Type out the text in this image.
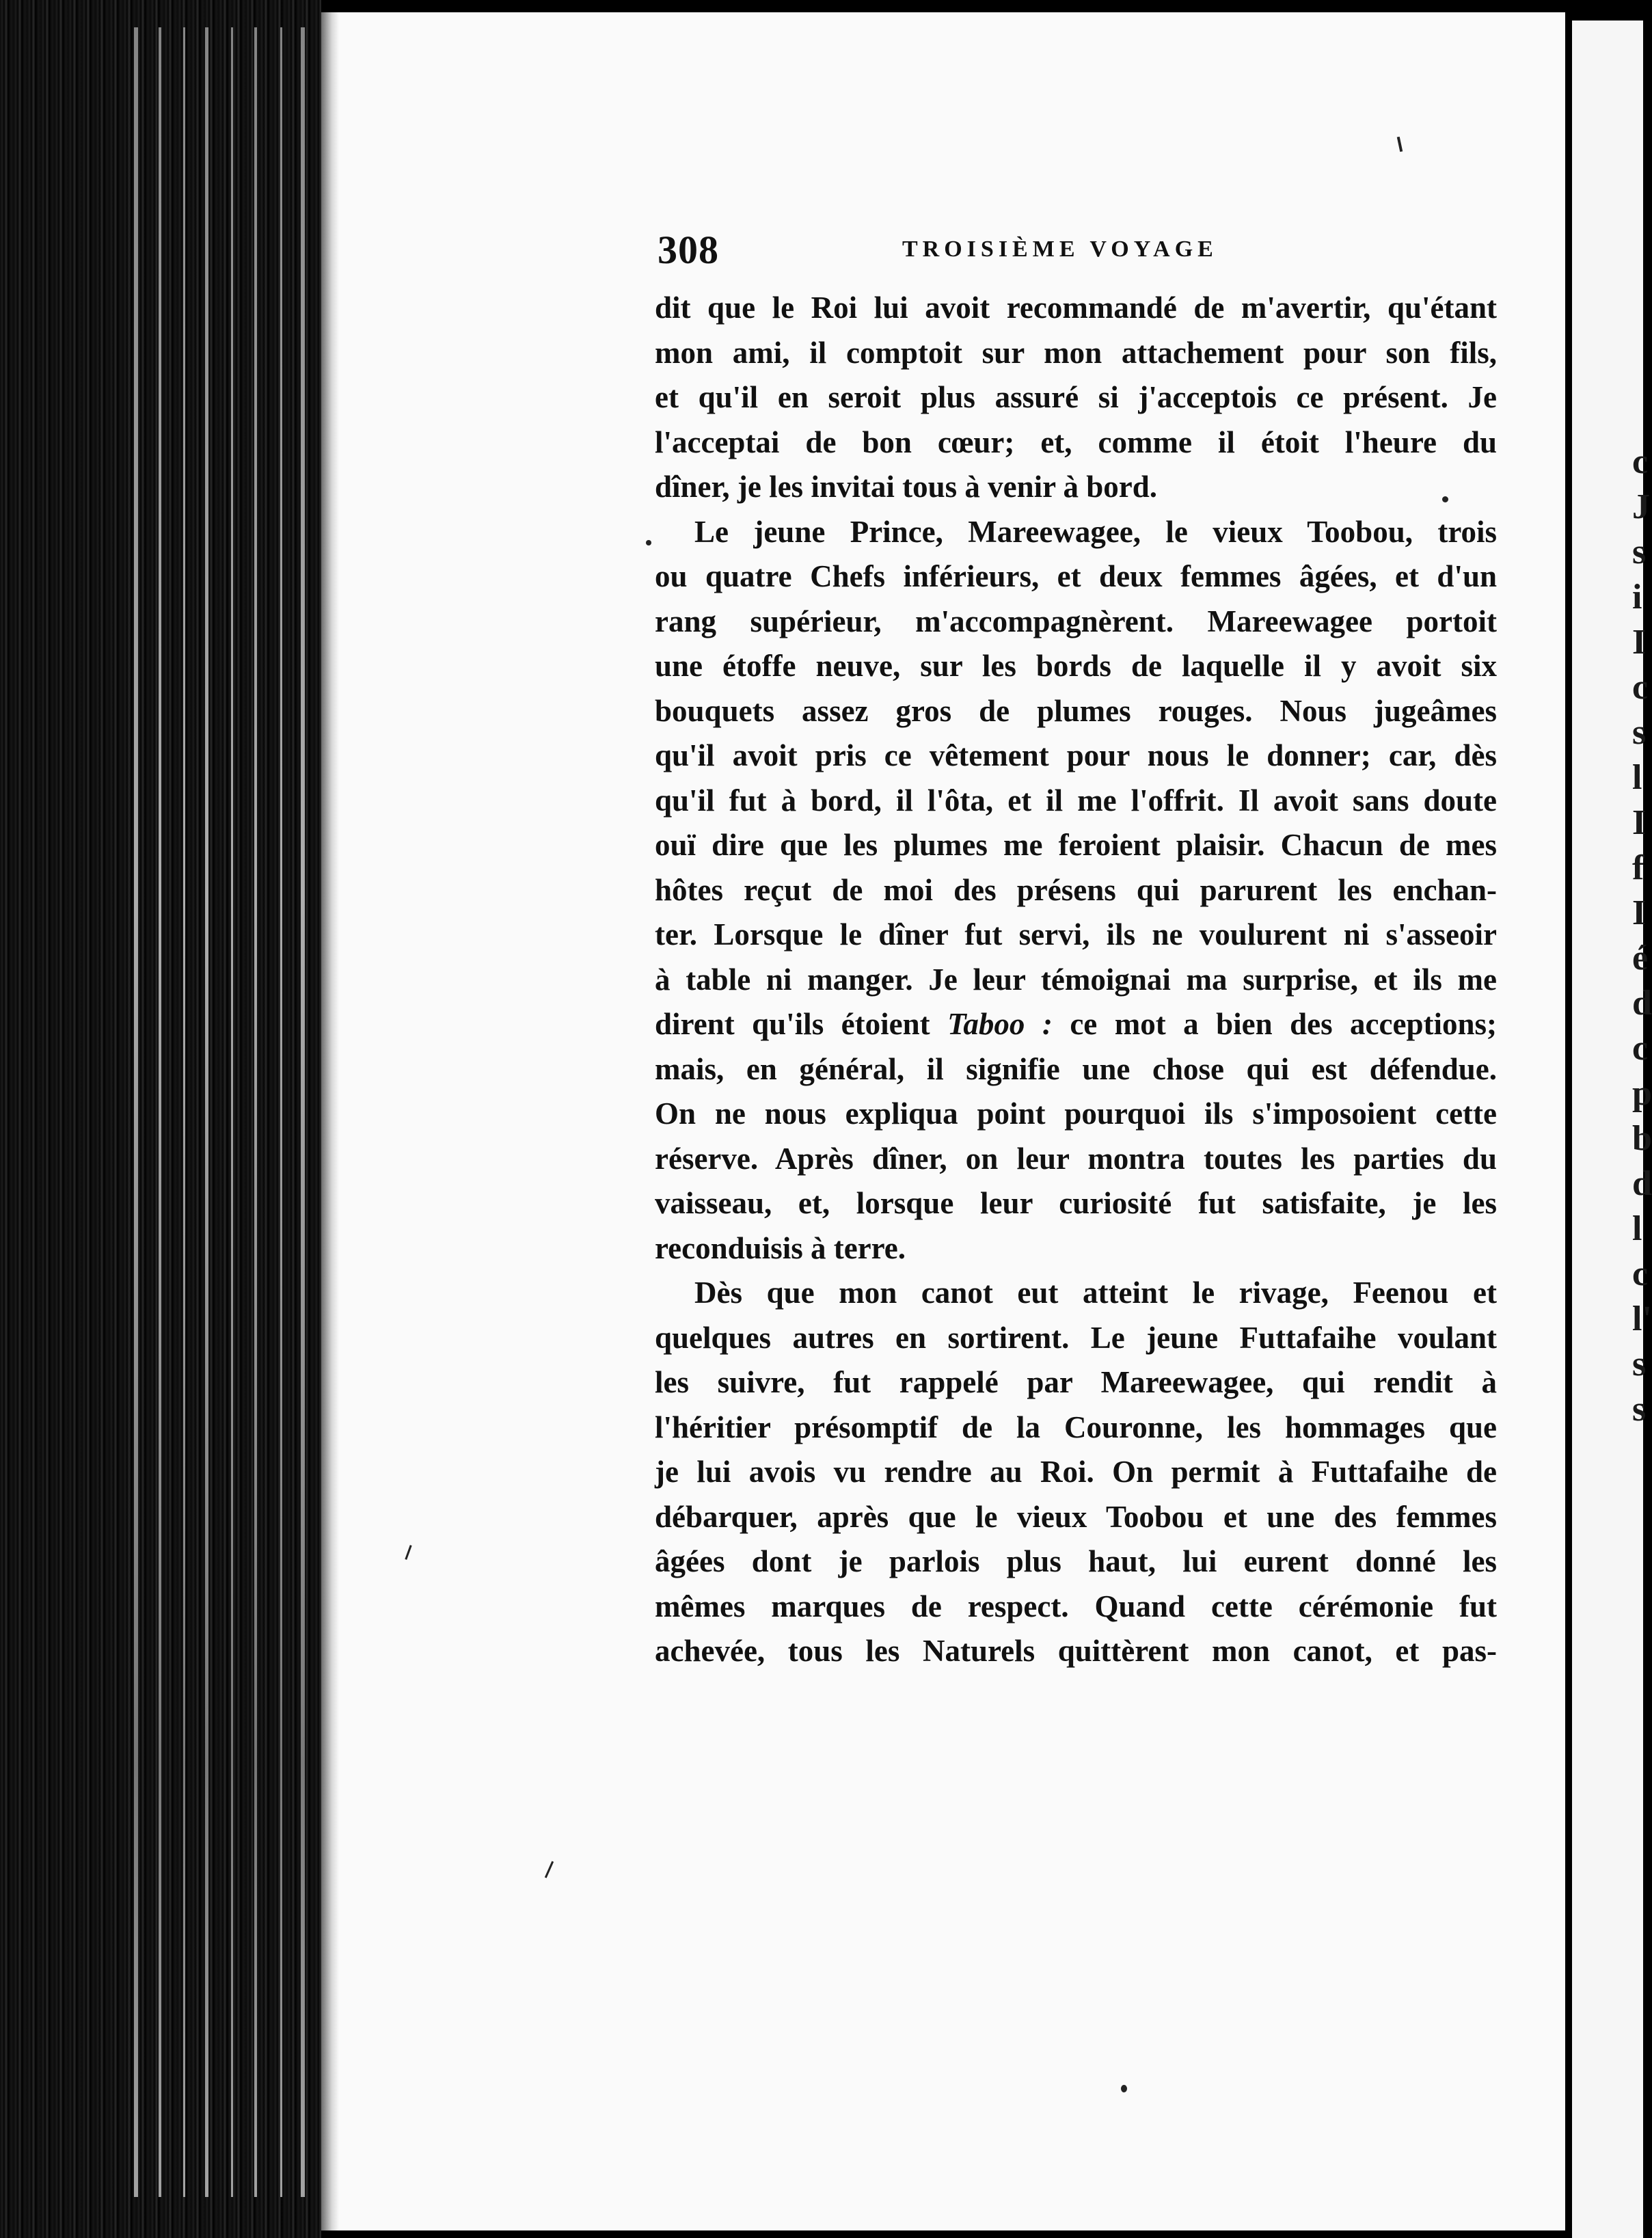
c
J
s
i
I
c
s
l
I
f
I
é
d
c
p
b
d
l
c
l'
s
s
308	TROISIÈME VOYAGE
dit que le Roi lui avoit recommandé de m'avertir, qu'étant
mon ami, il comptoit sur mon attachement pour son fils,
et qu'il en seroit plus assuré si j'acceptois ce présent. Je
l'acceptai de bon cœur; et, comme il étoit l'heure du
dîner, je les invitai tous à venir à bord.
Le jeune Prince, Mareewagee, le vieux Toobou, trois
ou quatre Chefs inférieurs, et deux femmes âgées, et d'un
rang supérieur, m'accompagnèrent. Mareewagee portoit
une étoffe neuve, sur les bords de laquelle il y avoit six
bouquets assez gros de plumes rouges. Nous jugeâmes
qu'il avoit pris ce vêtement pour nous le donner; car, dès
qu'il fut à bord, il l'ôta, et il me l'offrit. Il avoit sans doute
ouï dire que les plumes me feroient plaisir. Chacun de mes
hôtes reçut de moi des présens qui parurent les enchan-
ter. Lorsque le dîner fut servi, ils ne voulurent ni s'asseoir
à table ni manger. Je leur témoignai ma surprise, et ils me
dirent qu'ils étoient Taboo : ce mot a bien des acceptions;
mais, en général, il signifie une chose qui est défendue.
On ne nous expliqua point pourquoi ils s'imposoient cette
réserve. Après dîner, on leur montra toutes les parties du
vaisseau, et, lorsque leur curiosité fut satisfaite, je les
reconduisis à terre.
Dès que mon canot eut atteint le rivage, Feenou et
quelques autres en sortirent. Le jeune Futtafaihe voulant
les suivre, fut rappelé par Mareewagee, qui rendit à
l'héritier présomptif de la Couronne, les hommages que
je lui avois vu rendre au Roi. On permit à Futtafaihe de
débarquer, après que le vieux Toobou et une des femmes
âgées dont je parlois plus haut, lui eurent donné les
mêmes marques de respect. Quand cette cérémonie fut
achevée, tous les Naturels quittèrent mon canot, et pas-
